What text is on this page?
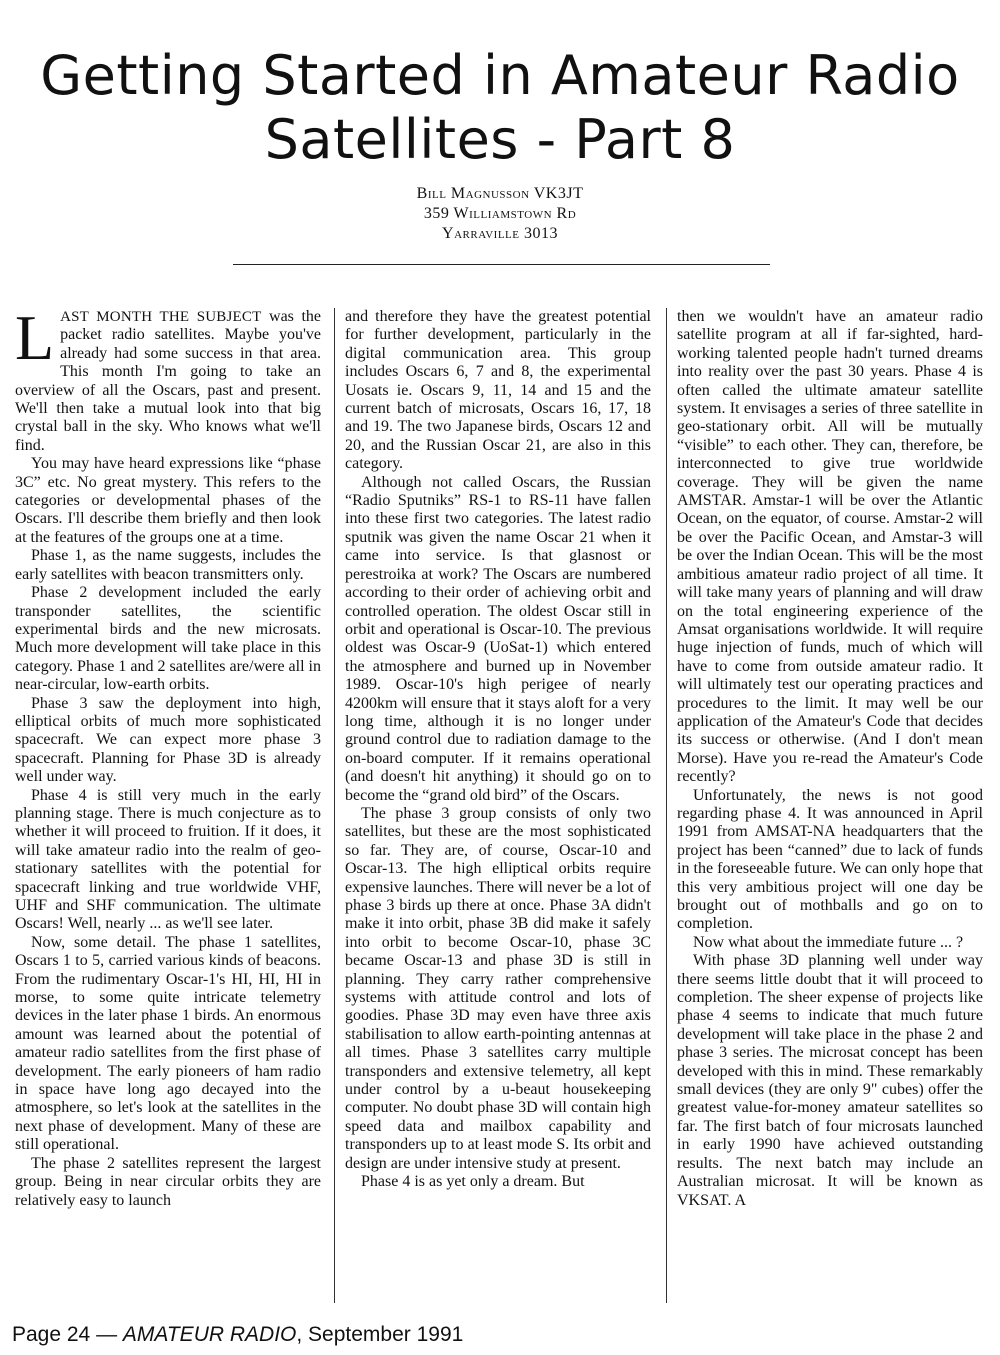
Getting Started in Amateur Radio
Satellites - Part 8
Bill Magnusson VK3JT
359 Williamstown Rd
Yarraville 3013

LAST MONTH THE SUBJECT was the packet radio satellites. Maybe you've already had some success in that area. This month I'm going to take an overview of all the Oscars, past and present. We'll then take a mutual look into that big crystal ball in the sky. Who knows what we'll find.

You may have heard expressions like “phase 3C” etc. No great mystery. This refers to the categories or developmental phases of the Oscars. I'll describe them briefly and then look at the features of the groups one at a time.

Phase 1, as the name suggests, includes the early satellites with beacon transmitters only.

Phase 2 development included the early transponder satellites, the scientific experimental birds and the new microsats. Much more development will take place in this category. Phase 1 and 2 satellites are/were all in near-circular, low-earth orbits.

Phase 3 saw the deployment into high, elliptical orbits of much more sophisticated spacecraft. We can expect more phase 3 spacecraft. Planning for Phase 3D is already well under way.

Phase 4 is still very much in the early planning stage. There is much conjecture as to whether it will proceed to fruition. If it does, it will take amateur radio into the realm of geo-stationary satellites with the potential for spacecraft linking and true worldwide VHF, UHF and SHF communication. The ultimate Oscars! Well, nearly ... as we'll see later.

Now, some detail. The phase 1 satellites, Oscars 1 to 5, carried various kinds of beacons. From the rudimentary Oscar-1's HI, HI, HI in morse, to some quite intricate telemetry devices in the later phase 1 birds. An enormous amount was learned about the potential of amateur radio satellites from the first phase of development. The early pioneers of ham radio in space have long ago decayed into the atmosphere, so let's look at the satellites in the next phase of development. Many of these are still operational.

The phase 2 satellites represent the largest group. Being in near circular orbits they are relatively easy to launch

and therefore they have the greatest potential for further development, particularly in the digital communication area. This group includes Oscars 6, 7 and 8, the experimental Uosats ie. Oscars 9, 11, 14 and 15 and the current batch of microsats, Oscars 16, 17, 18 and 19. The two Japanese birds, Oscars 12 and 20, and the Russian Oscar 21, are also in this category.

Although not called Oscars, the Russian “Radio Sputniks” RS-1 to RS-11 have fallen into these first two categories. The latest radio sputnik was given the name Oscar 21 when it came into service. Is that glasnost or perestroika at work? The Oscars are numbered according to their order of achieving orbit and controlled operation. The oldest Oscar still in orbit and operational is Oscar-10. The previous oldest was Oscar-9 (UoSat-1) which entered the atmosphere and burned up in November 1989. Oscar-10's high perigee of nearly 4200km will ensure that it stays aloft for a very long time, although it is no longer under ground control due to radiation damage to the on-board computer. If it remains operational (and doesn't hit anything) it should go on to become the “grand old bird” of the Oscars.

The phase 3 group consists of only two satellites, but these are the most sophisticated so far. They are, of course, Oscar-10 and Oscar-13. The high elliptical orbits require expensive launches. There will never be a lot of phase 3 birds up there at once. Phase 3A didn't make it into orbit, phase 3B did make it safely into orbit to become Oscar-10, phase 3C became Oscar-13 and phase 3D is still in planning. They carry rather comprehensive systems with attitude control and lots of goodies. Phase 3D may even have three axis stabilisation to allow earth-pointing antennas at all times. Phase 3 satellites carry multiple transponders and extensive telemetry, all kept under control by a u-beaut housekeeping computer. No doubt phase 3D will contain high speed data and mailbox capability and transponders up to at least mode S. Its orbit and design are under intensive study at present.

Phase 4 is as yet only a dream. But

then we wouldn't have an amateur radio satellite program at all if far-sighted, hard-working talented people hadn't turned dreams into reality over the past 30 years. Phase 4 is often called the ultimate amateur satellite system. It envisages a series of three satellite in geo-stationary orbit. All will be mutually “visible” to each other. They can, therefore, be interconnected to give true worldwide coverage. They will be given the name AMSTAR. Amstar-1 will be over the Atlantic Ocean, on the equator, of course. Amstar-2 will be over the Pacific Ocean, and Amstar-3 will be over the Indian Ocean. This will be the most ambitious amateur radio project of all time. It will take many years of planning and will draw on the total engineering experience of the Amsat organisations worldwide. It will require huge injection of funds, much of which will have to come from outside amateur radio. It will ultimately test our operating practices and procedures to the limit. It may well be our application of the Amateur's Code that decides its success or otherwise. (And I don't mean Morse). Have you re-read the Amateur's Code recently?

Unfortunately, the news is not good regarding phase 4. It was announced in April 1991 from AMSAT-NA headquarters that the project has been “canned” due to lack of funds in the foreseeable future. We can only hope that this very ambitious project will one day be brought out of mothballs and go on to completion.

Now what about the immediate future ... ?

With phase 3D planning well under way there seems little doubt that it will proceed to completion. The sheer expense of projects like phase 4 seems to indicate that much future development will take place in the phase 2 and phase 3 series. The microsat concept has been developed with this in mind. These remarkably small devices (they are only 9" cubes) offer the greatest value-for-money amateur satellites so far. The first batch of four microsats launched in early 1990 have achieved outstanding results. The next batch may include an Australian microsat. It will be known as VKSAT. A

Page 24 — AMATEUR RADIO, September 1991
